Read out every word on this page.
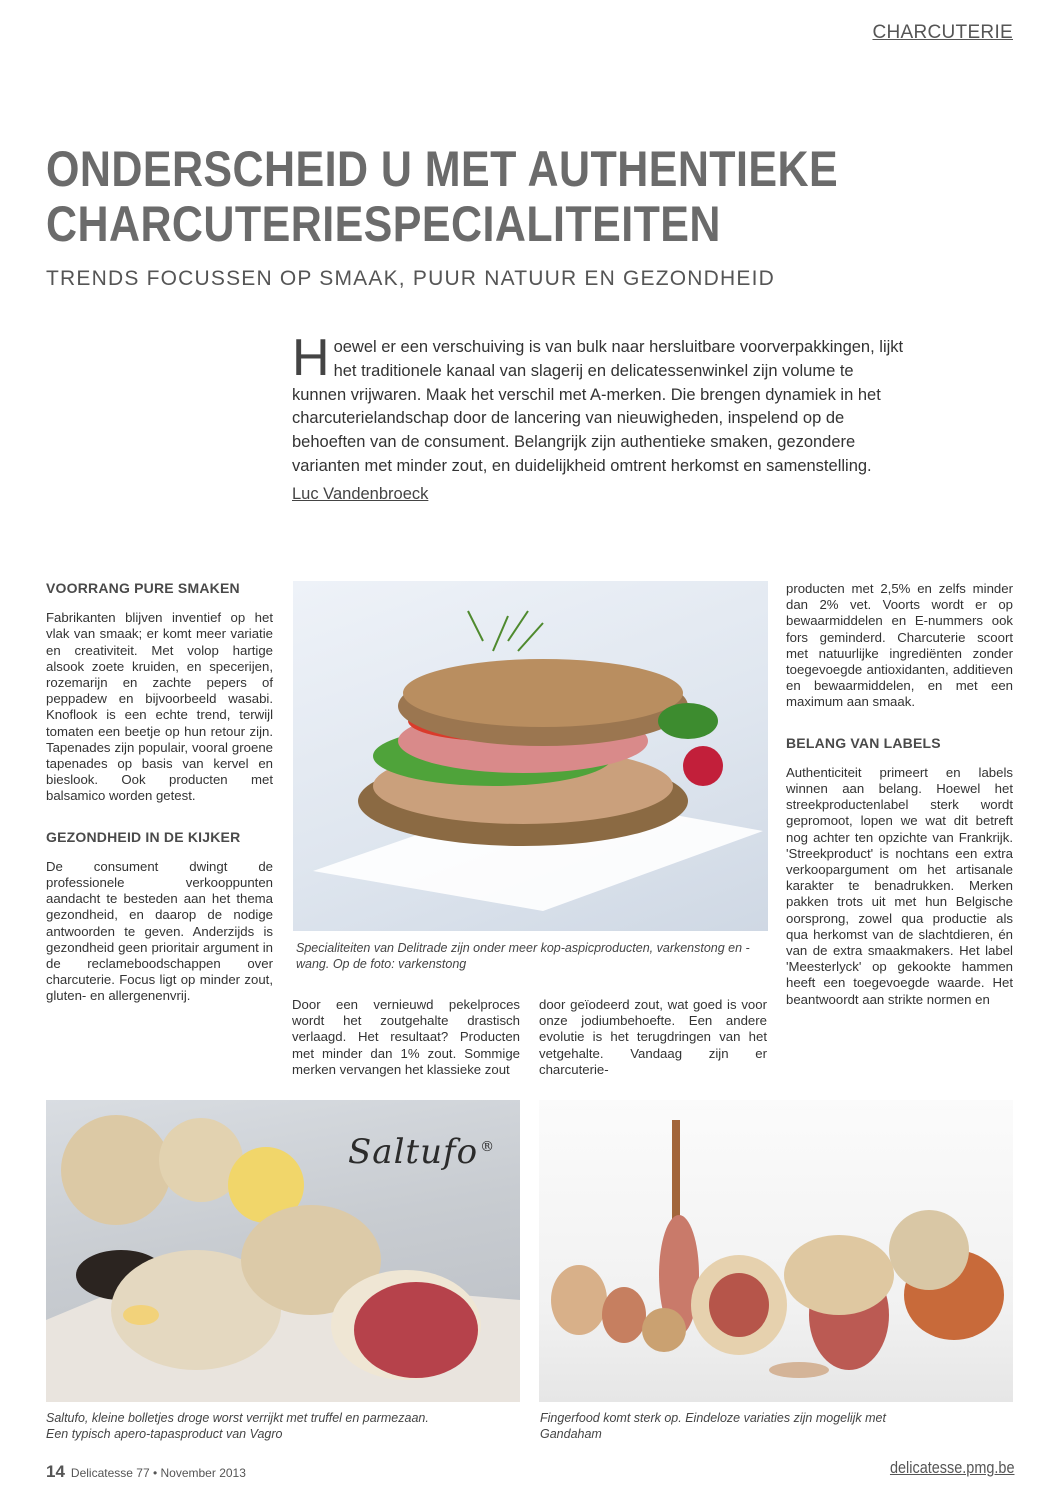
CHARCUTERIE
ONDERSCHEID U MET AUTHENTIEKE
CHARCUTERIESPECIALITEITEN
TRENDS FOCUSSEN OP SMAAK, PUUR NATUUR EN GEZONDHEID
Hoewel er een verschuiving is van bulk naar hersluitbare voorverpakkingen, lijkt het traditionele kanaal van slagerij en delicatessenwinkel zijn volume te kunnen vrijwaren. Maak het verschil met A-merken. Die brengen dynamiek in het charcuterielandschap door de lancering van nieuwigheden, inspelend op de behoeften van de consument. Belangrijk zijn authentieke smaken, gezondere varianten met minder zout, en duidelijkheid omtrent herkomst en samenstelling.
Luc Vandenbroeck
VOORRANG PURE SMAKEN

Fabrikanten blijven inventief op het vlak van smaak; er komt meer variatie en creativiteit. Met volop hartige alsook zoete kruiden, en specerijen, rozemarijn en zachte pepers of peppadew en bijvoorbeeld wasabi. Knoflook is een echte trend, terwijl tomaten een beetje op hun retour zijn. Tapenades zijn populair, vooral groene tapenades op basis van kervel en bieslook. Ook producten met balsamico worden getest.

GEZONDHEID IN DE KIJKER

De consument dwingt de professionele verkooppunten aandacht te besteden aan het thema gezondheid, en daarop de nodige antwoorden te geven. Anderzijds is gezondheid geen prioritair argument in de reclameboodschappen over charcuterie. Focus ligt op minder zout, gluten- en allergenenvrij.

Specialiteiten van Delitrade zijn onder meer kop-aspicproducten, varkenstong en -wang. Op de foto: varkenstong
Door een vernieuwd pekelproces wordt het zoutgehalte drastisch verlaagd. Het resultaat? Producten met minder dan 1% zout. Sommige merken vervangen het klassieke zout
door geïodeerd zout, wat goed is voor onze jodiumbehoefte. Een andere evolutie is het terugdringen van het vetgehalte. Vandaag zijn er charcuterie-

producten met 2,5% en zelfs minder dan 2% vet. Voorts wordt er op bewaarmiddelen en E-nummers ook fors geminderd. Charcuterie scoort met natuurlijke ingrediënten zonder toegevoegde antioxidanten, additieven en bewaarmiddelen, en met een maximum aan smaak.

BELANG VAN LABELS

Authenticiteit primeert en labels winnen aan belang. Hoewel het streekproductenlabel sterk wordt gepromoot, lopen we wat dit betreft nog achter ten opzichte van Frankrijk. 'Streekproduct' is nochtans een extra verkoopargument om het artisanale karakter te benadrukken. Merken pakken trots uit met hun Belgische oorsprong, zowel qua productie als qua herkomst van de slachtdieren, én van de extra smaakmakers. Het label 'Meesterlyck' op gekookte hammen heeft een toegevoegde waarde. Het beantwoordt aan strikte normen en

Saltufo ®
Saltufo, kleine bolletjes droge worst verrijkt met truffel en parmezaan.
Een typisch apero-tapasproduct van Vagro
Fingerfood komt sterk op. Eindeloze variaties zijn mogelijk met
Gandaham
14 Delicatesse 77 • November 2013	delicatesse.pmg.be
